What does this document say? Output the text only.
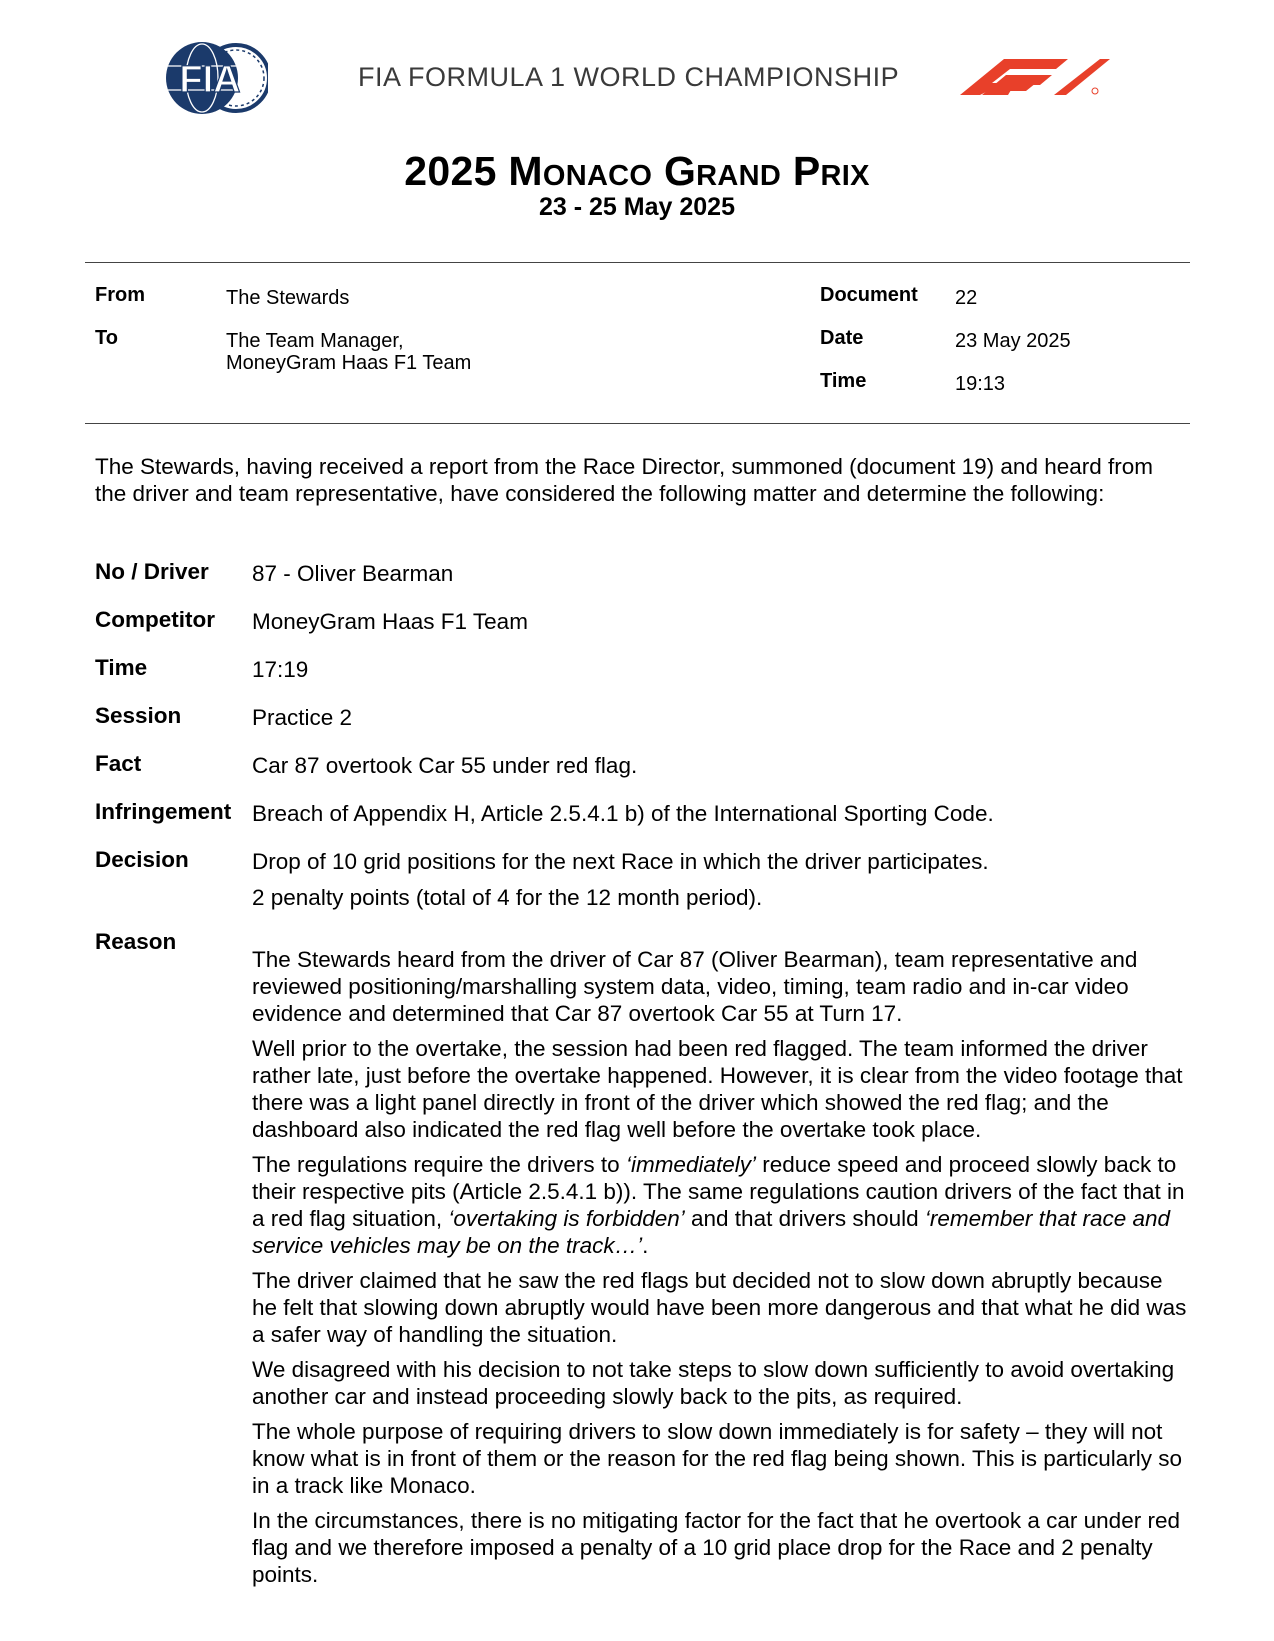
FIA	FIA FORMULA 1 WORLD CHAMPIONSHIP
2025 Monaco Grand Prix
23 - 25 May 2025
From	The Stewards
To	The Team Manager,
MoneyGram Haas F1 Team
Document 22
Date	23 May 2025
Time	19:13
The Stewards, having received a report from the Race Director, summoned (document 19) and heard from the driver and team representative, have considered the following matter and determine the following:
No / Driver 87 - Oliver Bearman
Competitor MoneyGram Haas F1 Team
Time	17:19
Session	Practice 2
Fact	Car 87 overtook Car 55 under red flag.
Infringement Breach of Appendix H, Article 2.5.4.1 b) of the International Sporting Code.
Decision	Drop of 10 grid positions for the next Race in which the driver participates.
2 penalty points (total of 4 for the 12 month period).
Reason

The Stewards heard from the driver of Car 87 (Oliver Bearman), team representative and reviewed positioning/marshalling system data, video, timing, team radio and in-car video evidence and determined that Car 87 overtook Car 55 at Turn 17.

Well prior to the overtake, the session had been red flagged. The team informed the driver rather late, just before the overtake happened. However, it is clear from the video footage that there was a light panel directly in front of the driver which showed the red flag; and the dashboard also indicated the red flag well before the overtake took place.

The regulations require the drivers to ‘immediately’ reduce speed and proceed slowly back to their respective pits (Article 2.5.4.1 b)). The same regulations caution drivers of the fact that in a red flag situation, ‘overtaking is forbidden’ and that drivers should ‘remember that race and service vehicles may be on the track…’.

The driver claimed that he saw the red flags but decided not to slow down abruptly because he felt that slowing down abruptly would have been more dangerous and that what he did was a safer way of handling the situation.

We disagreed with his decision to not take steps to slow down sufficiently to avoid overtaking another car and instead proceeding slowly back to the pits, as required.

The whole purpose of requiring drivers to slow down immediately is for safety – they will not know what is in front of them or the reason for the red flag being shown. This is particularly so in a track like Monaco.

In the circumstances, there is no mitigating factor for the fact that he overtook a car under red flag and we therefore imposed a penalty of a 10 grid place drop for the Race and 2 penalty points.
